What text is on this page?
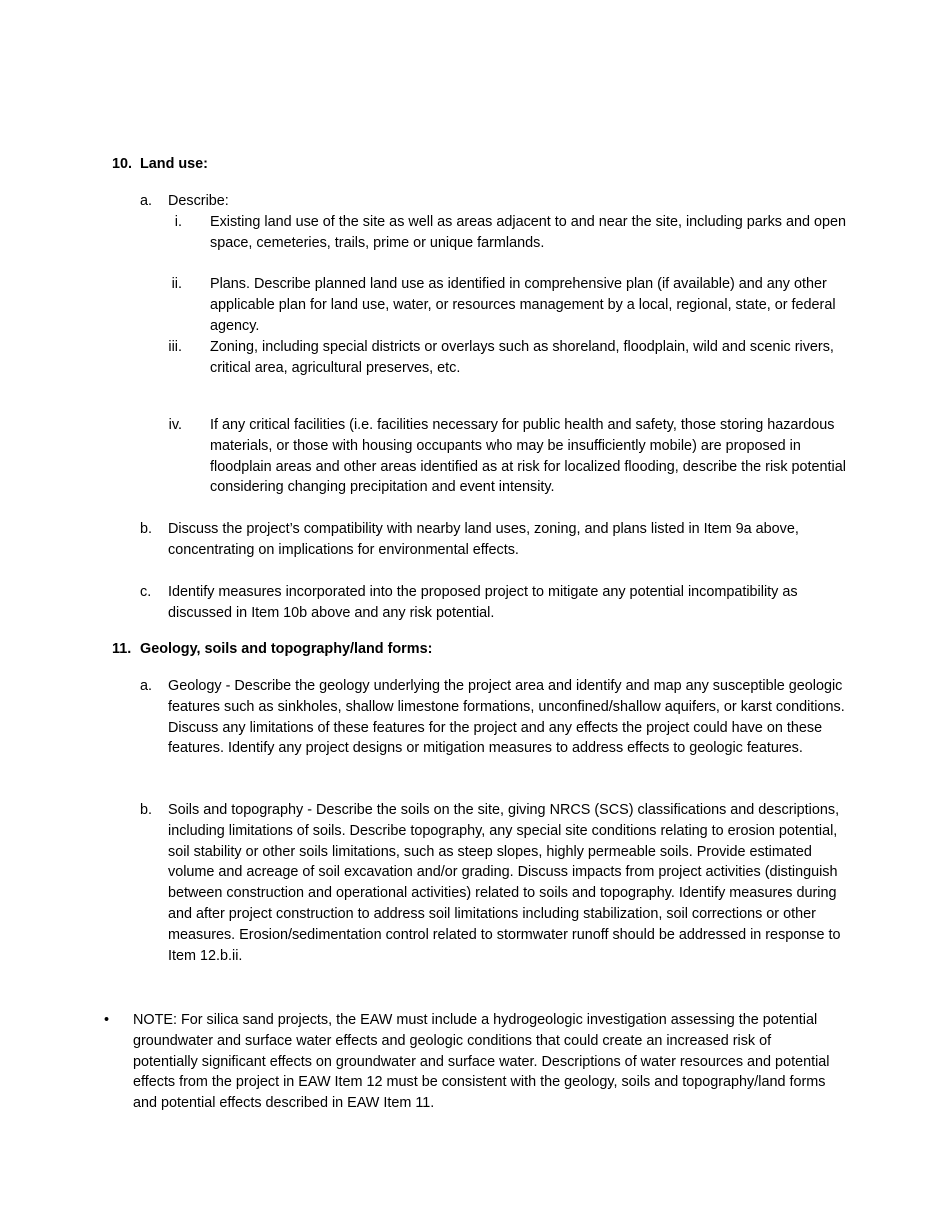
10. Land use:
a. Describe:
i. Existing land use of the site as well as areas adjacent to and near the site, including parks and open space, cemeteries, trails, prime or unique farmlands.

ii. Plans. Describe planned land use as identified in comprehensive plan (if available) and any other applicable plan for land use, water, or resources management by a local, regional, state, or federal agency.

iii. Zoning, including special districts or overlays such as shoreland, floodplain, wild and scenic rivers, critical area, agricultural preserves, etc.

iv. If any critical facilities (i.e. facilities necessary for public health and safety, those storing hazardous materials, or those with housing occupants who may be insufficiently mobile) are proposed in floodplain areas and other areas identified as at risk for localized flooding, describe the risk potential considering changing precipitation and event intensity.

b. Discuss the project’s compatibility with nearby land uses, zoning, and plans listed in Item 9a above, concentrating on implications for environmental effects.

c. Identify measures incorporated into the proposed project to mitigate any potential incompatibility as discussed in Item 10b above and any risk potential.

11. Geology, soils and topography/land forms:
a. Geology - Describe the geology underlying the project area and identify and map any susceptible geologic features such as sinkholes, shallow limestone formations, unconfined/shallow aquifers, or karst conditions. Discuss any limitations of these features for the project and any effects the project could have on these features. Identify any project designs or mitigation measures to address effects to geologic features.

b. Soils and topography - Describe the soils on the site, giving NRCS (SCS) classifications and descriptions, including limitations of soils. Describe topography, any special site conditions relating to erosion potential, soil stability or other soils limitations, such as steep slopes, highly permeable soils. Provide estimated volume and acreage of soil excavation and/or grading. Discuss impacts from project activities (distinguish between construction and operational activities) related to soils and topography. Identify measures during and after project construction to address soil limitations including stabilization, soil corrections or other measures. Erosion/sedimentation control related to stormwater runoff should be addressed in response to Item 12.b.ii.

• NOTE: For silica sand projects, the EAW must include a hydrogeologic investigation assessing the potential groundwater and surface water effects and geologic conditions that could create an increased risk of potentially significant effects on groundwater and surface water. Descriptions of water resources and potential effects from the project in EAW Item 12 must be consistent with the geology, soils and topography/land forms and potential effects described in EAW Item 11.
